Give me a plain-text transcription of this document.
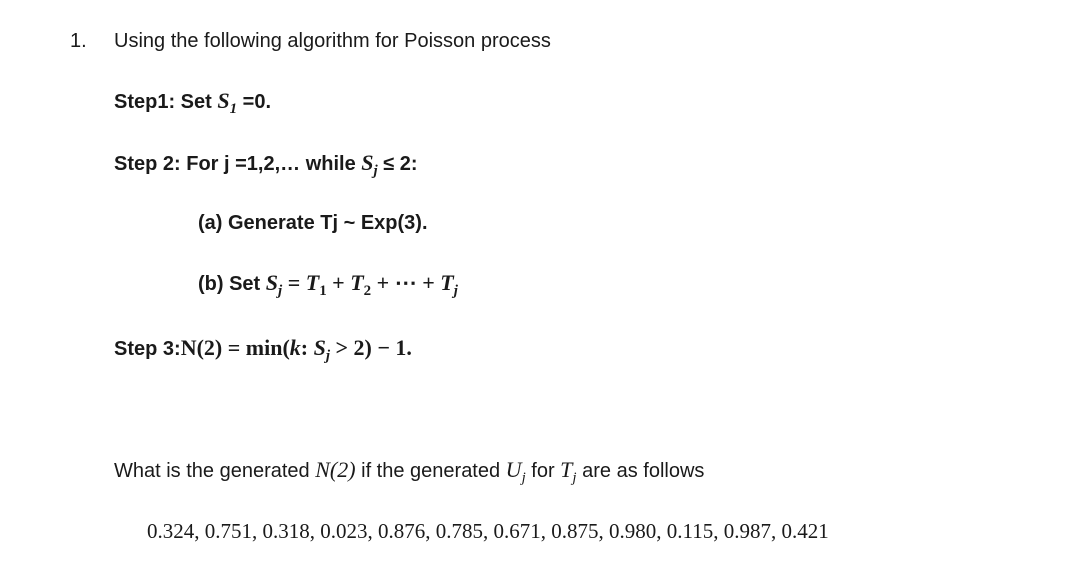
1. Using the following algorithm for Poisson process
Step1: Set $S_1 =0$.
Step 2: For j =1,2,… while $S_j \le 2$:
(a) Generate Tj ~ Exp(3).
(b) Set $S_j = T_1 + T_2$ + ⋯ + $T_j$
Step 3:N(2) = min(k: $S_j > 2) - 1$.
What is the generated N(2) if the generated $U_j$ for $T_j$ are as follows
0.324, 0.751, 0.318, 0.023, 0.876, 0.785, 0.671, 0.875, 0.980, 0.115, 0.987, 0.421
